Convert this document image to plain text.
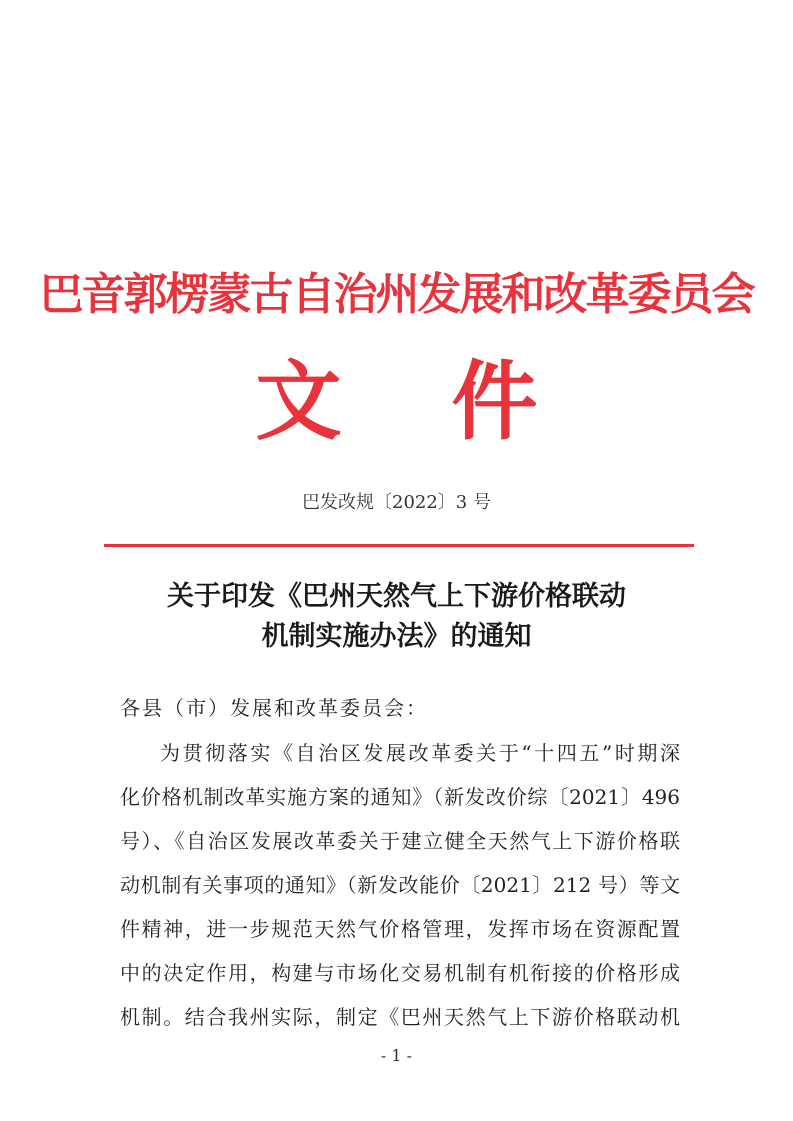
巴音郭楞蒙古自治州发展和改革委员会
文件
巴发改规〔2022〕3 号
关于印发《巴州天然气上下游价格联动
机制实施办法》的通知
各县（市）发展和改革委员会：
为贯彻落实《自治区发展改革委关于“十四五”时期深
化价格机制改革实施方案的通知》（新发改价综〔2021〕496
号）、《自治区发展改革委关于建立健全天然气上下游价格联
动机制有关事项的通知》（新发改能价〔2021〕212 号）等文
件精神，进一步规范天然气价格管理，发挥市场在资源配置
中的决定作用，构建与市场化交易机制有机衔接的价格形成
机制。结合我州实际，制定《巴州天然气上下游价格联动机
- 1 -
